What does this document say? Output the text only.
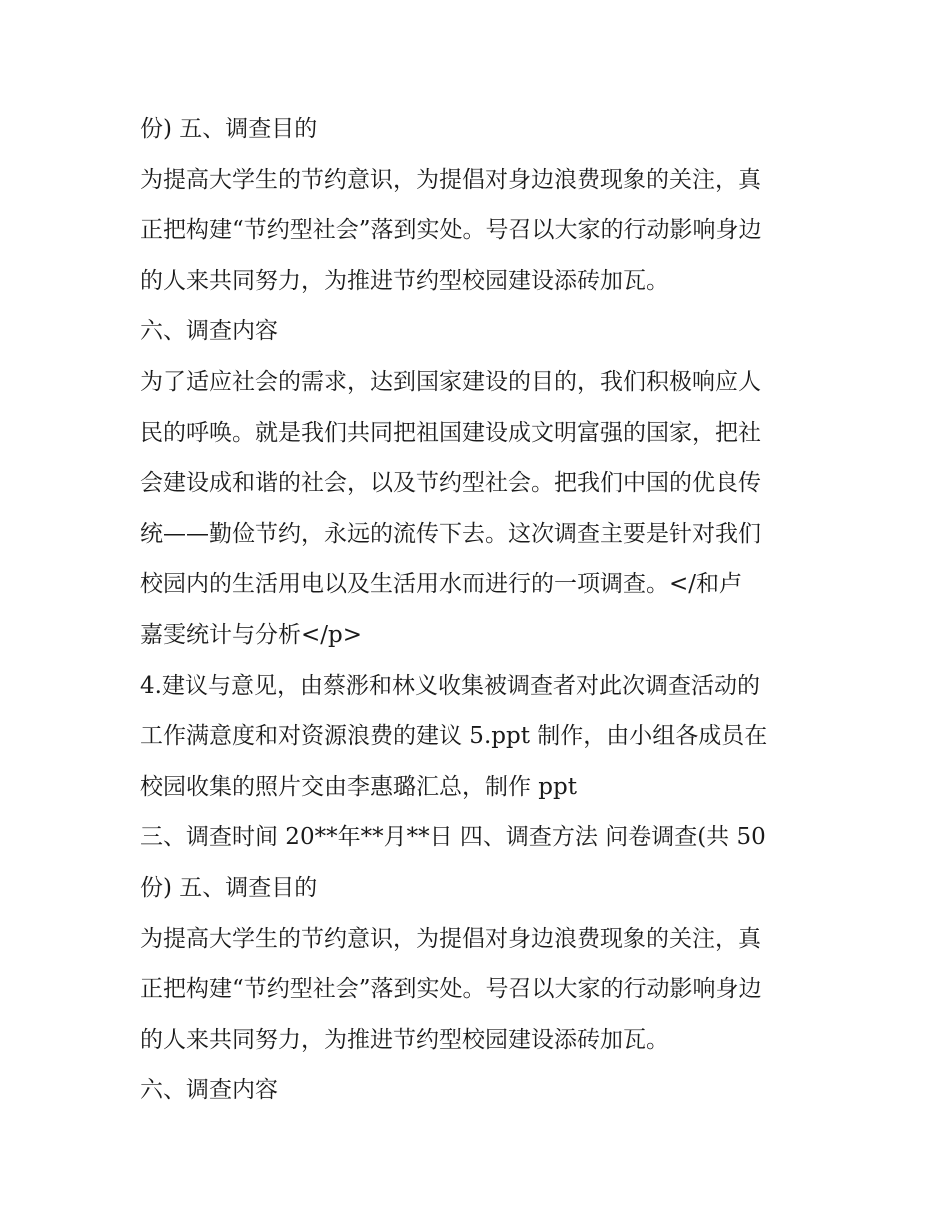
份) 五、调查目的
为提高大学生的节约意识，为提倡对身边浪费现象的关注，真
正把构建“节约型社会”落到实处。号召以大家的行动影响身边
的人来共同努力，为推进节约型校园建设添砖加瓦。
六、调查内容
为了适应社会的需求，达到国家建设的目的，我们积极响应人
民的呼唤。就是我们共同把祖国建设成文明富强的国家，把社
会建设成和谐的社会，以及节约型社会。把我们中国的优良传
统——勤俭节约，永远的流传下去。这次调查主要是针对我们
校园内的生活用电以及生活用水而进行的一项调查。</和卢
嘉雯统计与分析</p>
4.建议与意见，由蔡浵和林义收集被调查者对此次调查活动的
工作满意度和对资源浪费的建议 5.ppt 制作，由小组各成员在
校园收集的照片交由李惠璐汇总，制作 ppt
三、调查时间 20**年**月**日 四、调查方法 问卷调查(共 50
份) 五、调查目的
为提高大学生的节约意识，为提倡对身边浪费现象的关注，真
正把构建“节约型社会”落到实处。号召以大家的行动影响身边
的人来共同努力，为推进节约型校园建设添砖加瓦。
六、调查内容
